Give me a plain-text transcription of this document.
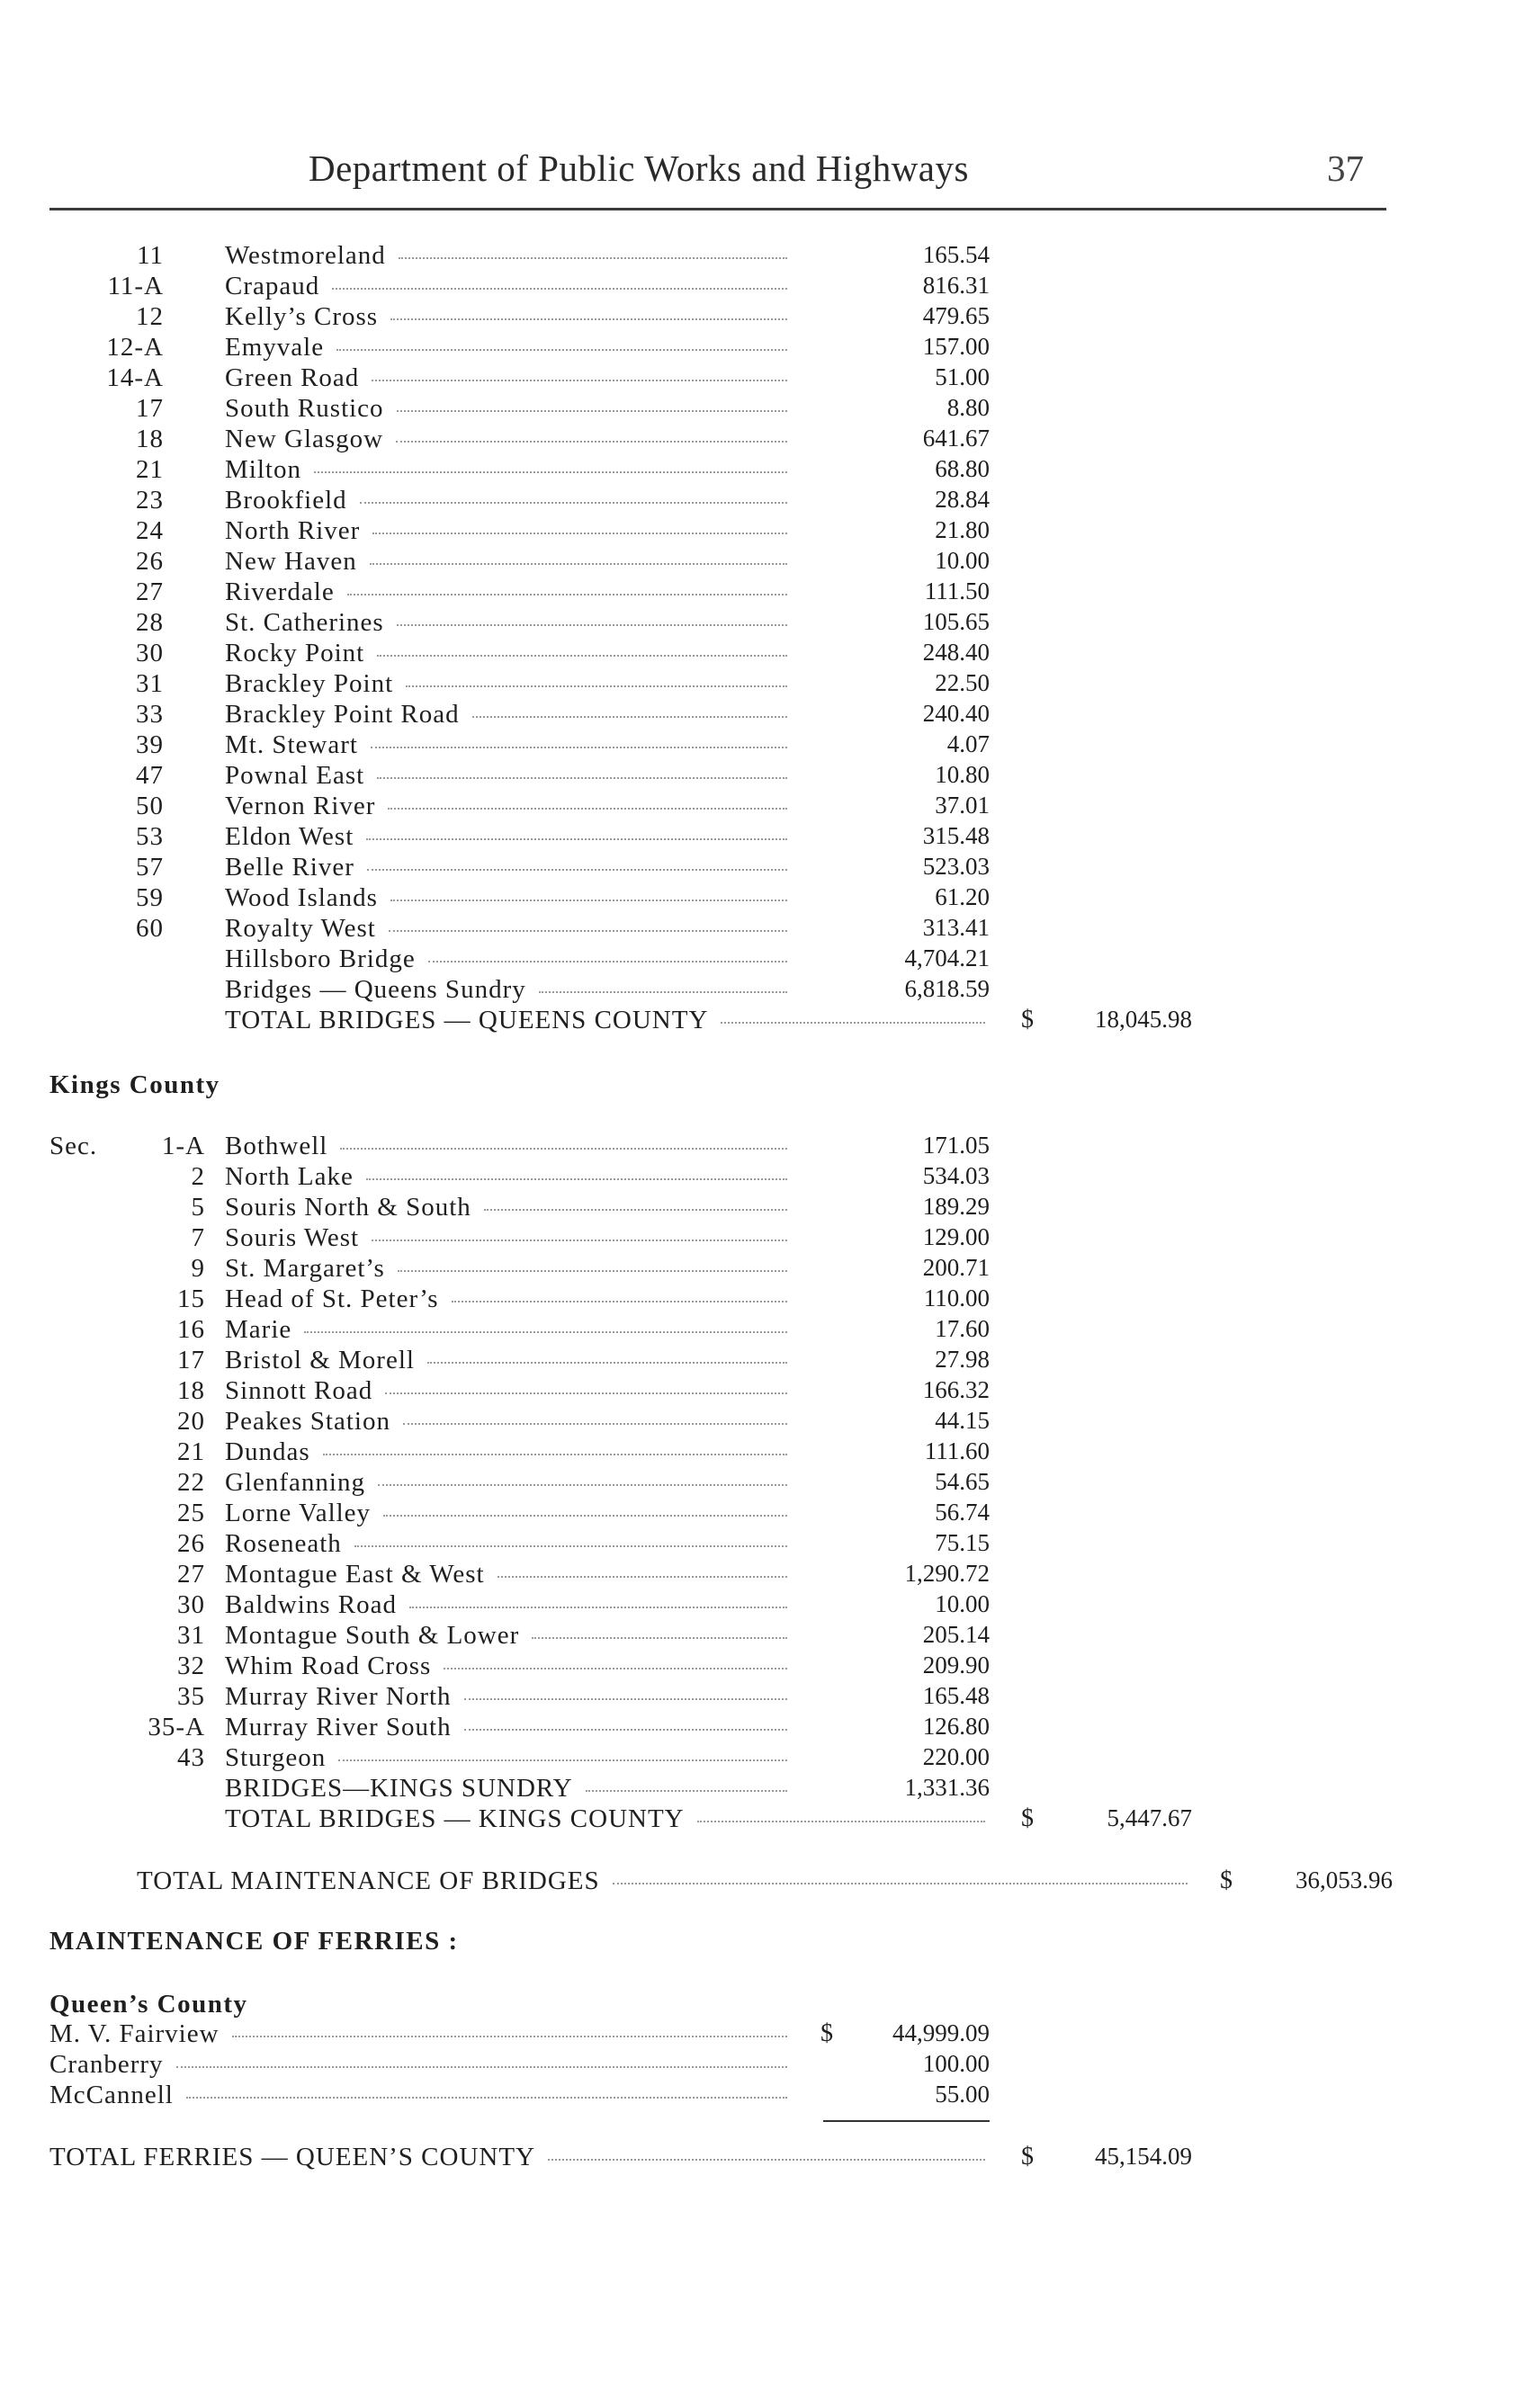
Department of Public Works and Highways	37
Kings County
Sec.
MAINTENANCE OF FERRIES :
Queen’s County
11 Westmoreland	165.54
11-A Crapaud	816.31
12 Kelly’s Cross	479.65
12-A Emyvale	157.00
14-A Green Road	51.00
17 South Rustico	8.80
18 New Glasgow	641.67
21 Milton	68.80
23 Brookfield	28.84
24 North River	21.80
26 New Haven	10.00
27 Riverdale	111.50
28 St. Catherines	105.65
30 Rocky Point	248.40
31 Brackley Point	22.50
33 Brackley Point Road	240.40
39 Mt. Stewart	4.07
47 Pownal East	10.80
50 Vernon River	37.01
53 Eldon West	315.48
57 Belle River	523.03
59 Wood Islands	61.20
60 Royalty West	313.41
Hillsboro Bridge	4,704.21
Bridges — Queens Sundry	6,818.59
TOTAL BRIDGES — QUEENS COUNTY	$	18,045.98
1-A Bothwell	171.05
2 North Lake	534.03
5 Souris North & South	189.29
7 Souris West	129.00
9 St. Margaret’s	200.71
15 Head of St. Peter’s	110.00
16 Marie	17.60
17 Bristol & Morell	27.98
18 Sinnott Road	166.32
20 Peakes Station	44.15
21 Dundas	111.60
22 Glenfanning	54.65
25 Lorne Valley	56.74
26 Roseneath	75.15
27 Montague East & West	1,290.72
30 Baldwins Road	10.00
31 Montague South & Lower	205.14
32 Whim Road Cross	209.90
35 Murray River North	165.48
35-A Murray River South	126.80
43 Sturgeon	220.00
BRIDGES—KINGS SUNDRY	1,331.36
TOTAL BRIDGES — KINGS COUNTY	$	5,447.67
TOTAL MAINTENANCE OF BRIDGES	$	36,053.96
M. V. Fairview	$	44,999.09
Cranberry	100.00
McCannell	55.00
TOTAL FERRIES — QUEEN’S COUNTY	$	45,154.09
